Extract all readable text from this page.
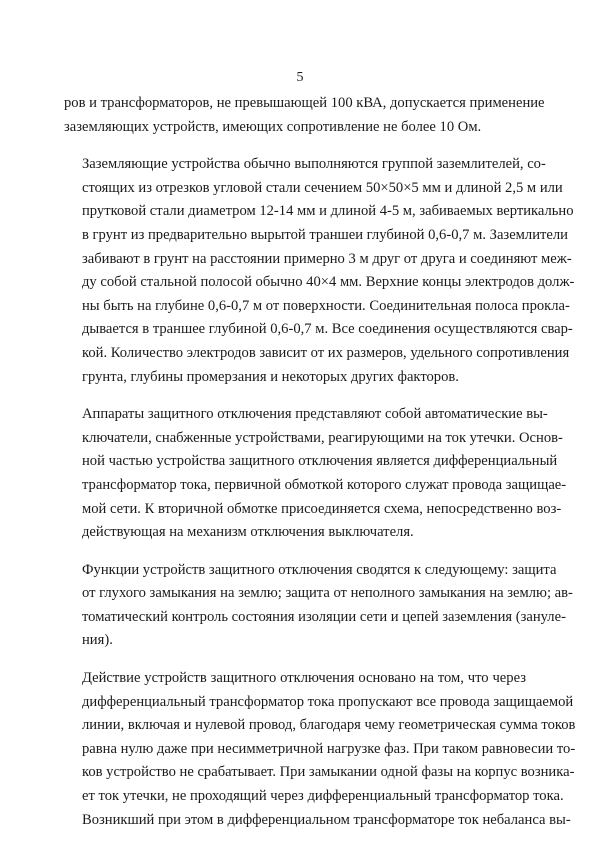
5
ров и трансформаторов, не превышающей 100 кВА, допускается применение
заземляющих устройств, имеющих сопротивление не более 10 Ом.
Заземляющие устройства обычно выполняются группой заземлителей, со-
стоящих из отрезков угловой стали сечением 50×50×5 мм и длиной 2,5 м или
прутковой стали диаметром 12-14 мм и длиной 4-5 м, забиваемых вертикально
в грунт из предварительно вырытой траншеи глубиной 0,6-0,7 м. Заземлители
забивают в грунт на расстоянии примерно 3 м друг от друга и соединяют меж-
ду собой стальной полосой обычно 40×4 мм. Верхние концы электродов долж-
ны быть на глубине 0,6-0,7 м от поверхности. Соединительная полоса прокла-
дывается в траншее глубиной 0,6-0,7 м. Все соединения осуществляются свар-
кой. Количество электродов зависит от их размеров, удельного сопротивления
грунта, глубины промерзания и некоторых других факторов.
Аппараты защитного отключения представляют собой автоматические вы-
ключатели, снабженные устройствами, реагирующими на ток утечки. Основ-
ной частью устройства защитного отключения является дифференциальный
трансформатор тока, первичной обмоткой которого служат провода защищае-
мой сети. К вторичной обмотке присоединяется схема, непосредственно воз-
действующая на механизм отключения выключателя.
Функции устройств защитного отключения сводятся к следующему: защита
от глухого замыкания на землю; защита от неполного замыкания на землю; ав-
томатический контроль состояния изоляции сети и цепей заземления (зануле-
ния).
Действие устройств защитного отключения основано на том, что через
дифференциальный трансформатор тока пропускают все провода защищаемой
линии, включая и нулевой провод, благодаря чему геометрическая сумма токов
равна нулю даже при несимметричной нагрузке фаз. При таком равновесии то-
ков устройство не срабатывает. При замыкании одной фазы на корпус возника-
ет ток утечки, не проходящий через дифференциальный трансформатор тока.
Возникший при этом в дифференциальном трансформаторе ток небаланса вы-
